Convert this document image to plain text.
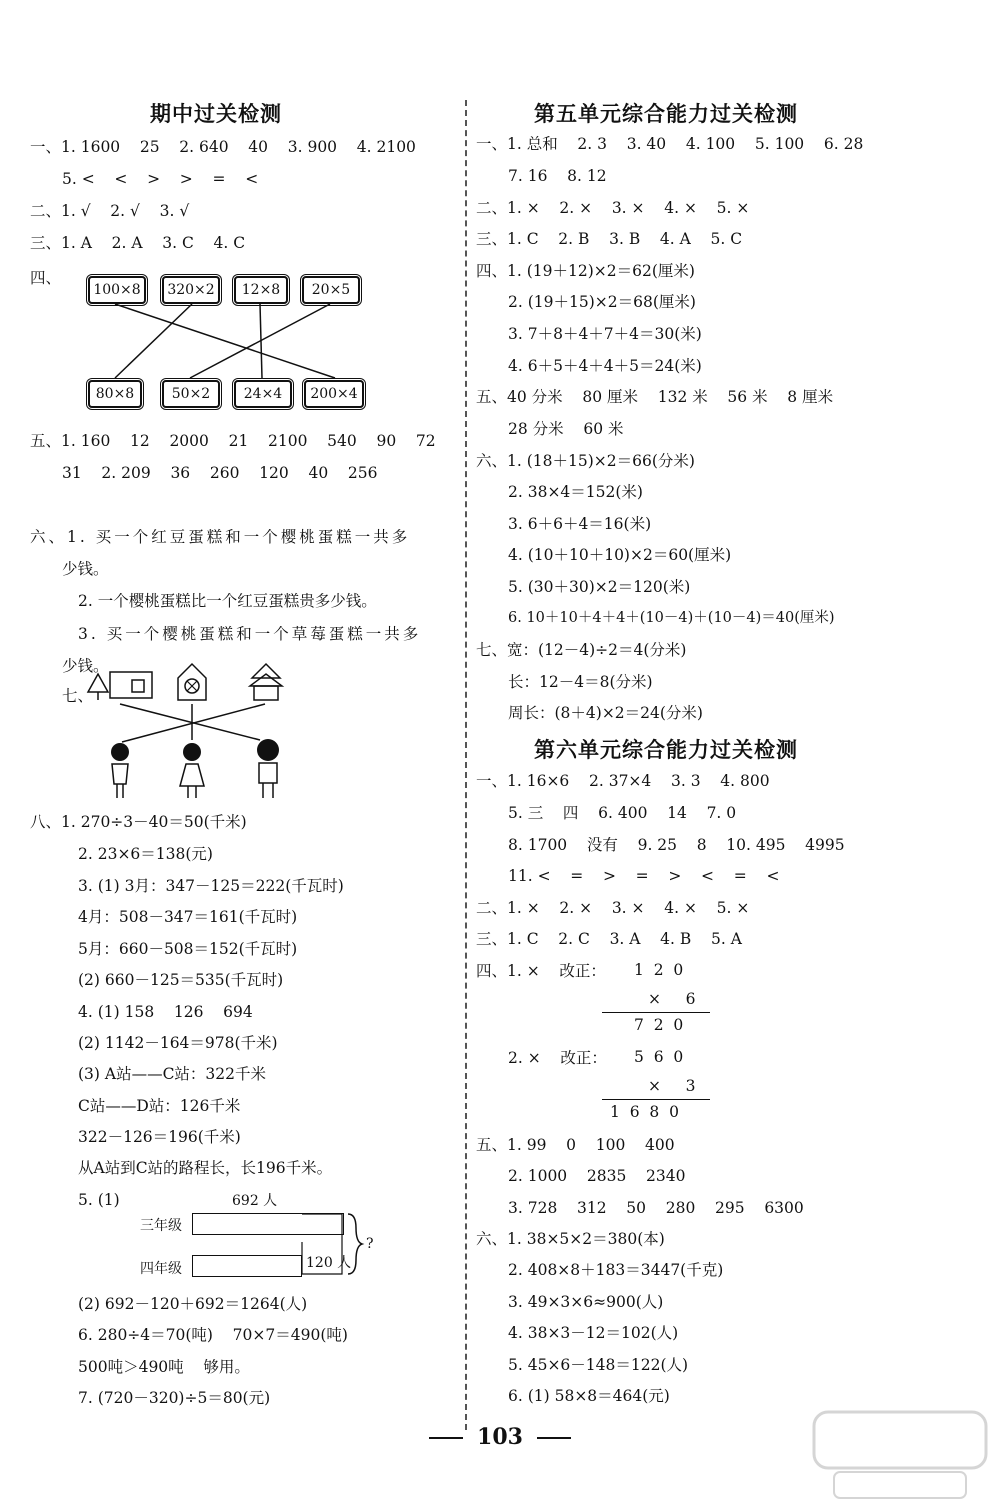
期中过关检测
一、1. 1600    25    2. 640    40    3. 900    4. 2100
5. <    <    >    >    =    <
二、1. √    2. √    3. √
三、1. A    2. A    3. C    4. C
四、
100×8	320×2	12×8	20×5
80×8	50×2	24×4	200×4
五、1. 160    12    2000    21    2100    540    90    72
31    2. 209    36    260    120    40    256
六、1. 买一个红豆蛋糕和一个樱桃蛋糕一共多
少钱。
2. 一个樱桃蛋糕比一个红豆蛋糕贵多少钱。
3. 买一个樱桃蛋糕和一个草莓蛋糕一共多
少钱。
七、
八、1. 270÷3－40＝50(千米)
2. 23×6＝138(元)
3. (1) 3月：347－125＝222(千瓦时)
4月：508－347＝161(千瓦时)
5月：660－508＝152(千瓦时)
(2) 660－125＝535(千瓦时)
4. (1) 158    126    694
(2) 1142－164＝978(千米)
(3) A站——C站：322千米
C站——D站：126千米
322－126＝196(千米)
从A站到C站的路程长，长196千米。
5. (1)	692 人
三年级
四年级	120 人
?
(2) 692－120＋692＝1264(人)
6. 280÷4＝70(吨)    70×7＝490(吨)
500吨＞490吨    够用。
7. (720－320)÷5＝80(元)
第五单元综合能力过关检测
一、1. 总和    2. 3    3. 40    4. 100    5. 100    6. 28
7. 16    8. 12
二、1. ×    2. ×    3. ×    4. ×    5. ×
三、1. C    2. B    3. B    4. A    5. C
四、1. (19＋12)×2＝62(厘米)
2. (19＋15)×2＝68(厘米)
3. 7＋8＋4＋7＋4＝30(米)
4. 6＋5＋4＋4＋5＝24(米)
五、40 分米    80 厘米    132 米    56 米    8 厘米
28 分米    60 米
六、1. (18＋15)×2＝66(分米)
2. 38×4＝152(米)
3. 6＋6＋4＝16(米)
4. (10＋10＋10)×2＝60(厘米)
5. (30＋30)×2＝120(米)
6. 10＋10＋4＋4＋(10－4)＋(10－4)＝40(厘米)
七、宽：(12－4)÷2＝4(分米)
长：12－4＝8(分米)
周长：(8＋4)×2＝24(分米)
第六单元综合能力过关检测
一、1. 16×6    2. 37×4    3. 3    4. 800
5. 三    四    6. 400    14    7. 0
8. 1700    没有    9. 25    8    10. 495    4995
11. <    =    >    =    >    <    =    <
二、1. ×    2. ×    3. ×    4. ×    5. ×
三、1. C    2. C    3. A    4. B    5. A
四、1. ×    改正： 1  2  0
×     6
7  2  0
2. ×    改正： 5  6  0
×     3
1  6  8  0
五、1. 99    0    100    400
2. 1000    2835    2340
3. 728    312    50    280    295    6300
六、1. 38×5×2＝380(本)
2. 408×8＋183＝3447(千克)
3. 49×3×6≈900(人)
4. 38×3－12＝102(人)
5. 45×6－148＝122(人)
6. (1) 58×8＝464(元)
103
